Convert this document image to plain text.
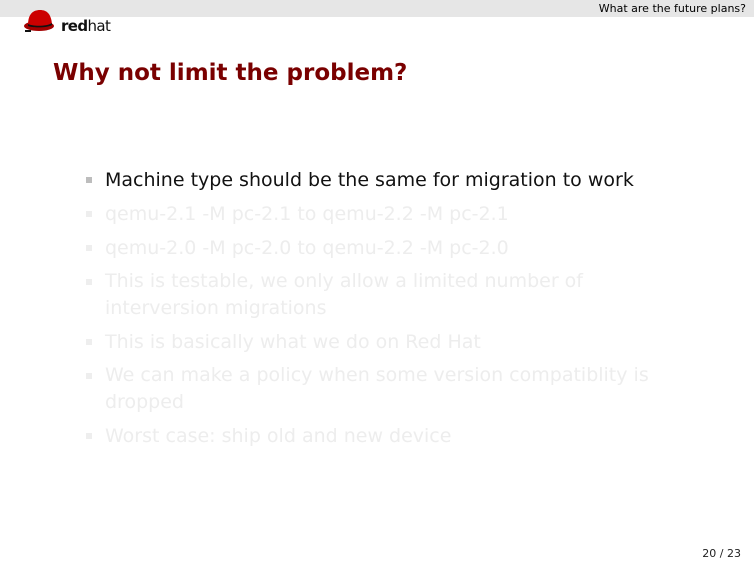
What are the future plans?
redhat
Why not limit the problem?
Machine type should be the same for migration to work
qemu-2.1 -M pc-2.1 to qemu-2.2 -M pc-2.1
qemu-2.0 -M pc-2.0 to qemu-2.2 -M pc-2.0
This is testable, we only allow a limited number of interversion migrations
This is basically what we do on Red Hat
We can make a policy when some version compatiblity is dropped
Worst case: ship old and new device
20 / 23
